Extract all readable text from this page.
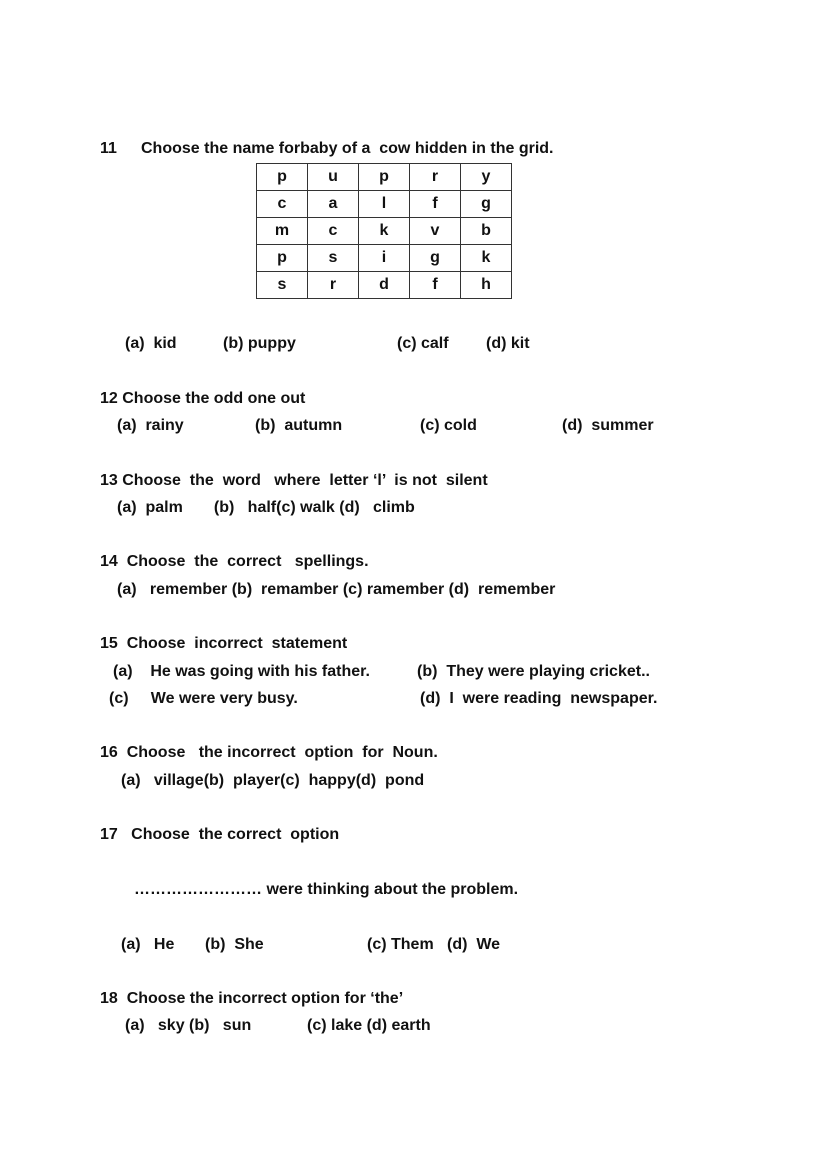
11 Choose the name forbaby of a  cow hidden in the grid.
p	u	p	r	y
c	a	l	f	g
m	c	k	v	b
p	s	i	g	k
s	r	d	f	h
(a)  kid	(b) puppy	(c) calf (d) kit
12 Choose the odd one out
(a)  rainy	(b)  autumn	(c) cold	(d)  summer
13 Choose  the  word   where  letter ‘l’  is not  silent
(a)  palm       (b)   half(c) walk (d)   climb
14  Choose  the  correct   spellings.
(a)   remember (b)  remamber (c) ramember (d)  remember
15  Choose  incorrect  statement
(a)    He was going with his father.	(b)  They were playing cricket..
(c)     We were very busy.	(d)  I  were reading  newspaper.
16  Choose   the incorrect  option  for  Noun.
(a)   village(b)  player(c)  happy(d)  pond
17   Choose  the correct  option
…………………… were thinking about the problem.
(a)   He (b)  She	(c) Them   (d)  We
18  Choose the incorrect option for ‘the’
(a)   sky (b)   sun	(c) lake (d) earth
